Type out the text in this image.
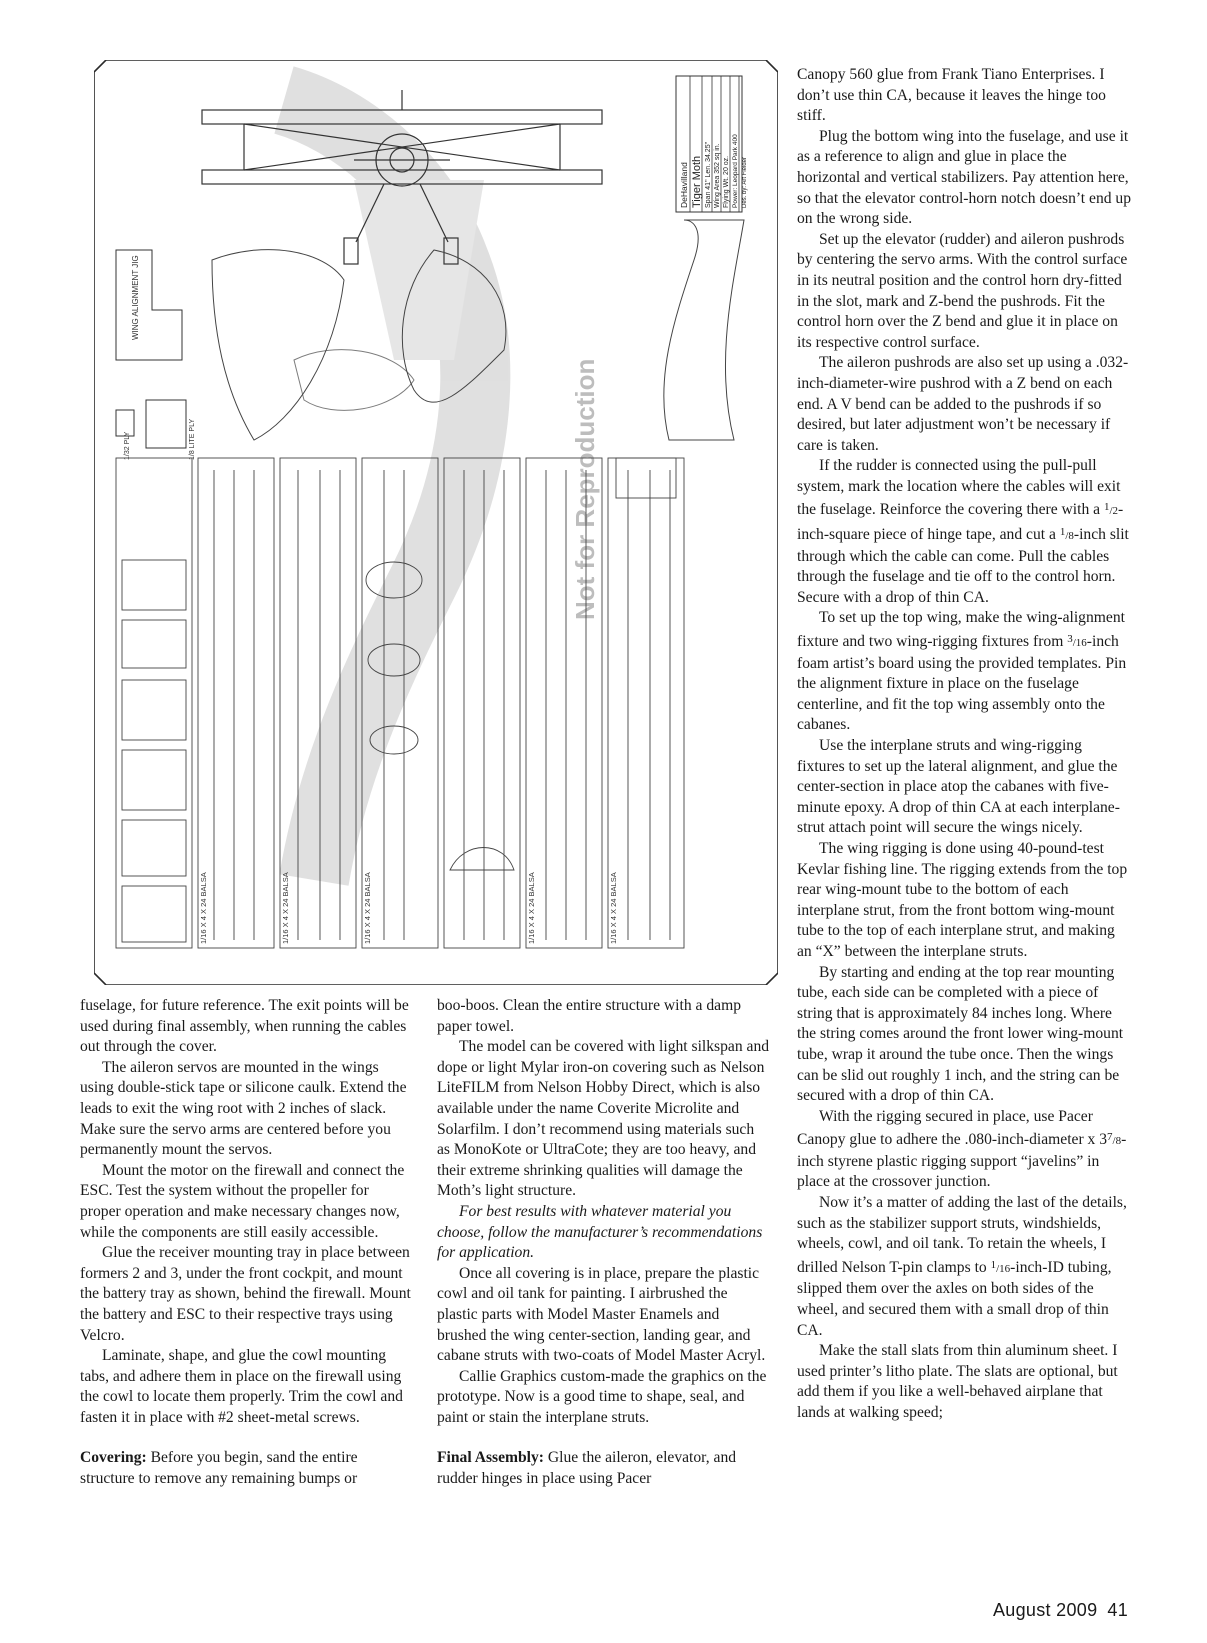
Not for Reproduction
DeHavilland Tiger Moth Span 41" Len. 34.25" Wing Area 352 sq in. Flying Wt. 20 oz. Power: Leopard Park 400 Des. by: Art Fielder
WING ALIGNMENT JIG
1/32 PLY	1/8 LITE PLY
1/16 X 4 X 24 BALSA	1/16 X 4 X 24 BALSA	1/16 X 4 X 24 BALSA	1/16 X 4 X 24 BALSA	1/16 X 4 X 24 BALSA

fuselage, for future reference. The exit points will be used during final assembly, when running the cables out through the cover.

The aileron servos are mounted in the wings using double-stick tape or silicone caulk. Extend the leads to exit the wing root with 2 inches of slack. Make sure the servo arms are centered before you permanently mount the servos.

Mount the motor on the firewall and connect the ESC. Test the system without the propeller for proper operation and make necessary changes now, while the components are still easily accessible.

Glue the receiver mounting tray in place between formers 2 and 3, under the front cockpit, and mount the battery tray as shown, behind the firewall. Mount the battery and ESC to their respective trays using Velcro.

Laminate, shape, and glue the cowl mounting tabs, and adhere them in place on the firewall using the cowl to locate them properly. Trim the cowl and fasten it in place with #2 sheet-metal screws.

Covering: Before you begin, sand the entire structure to remove any remaining bumps or

boo-boos. Clean the entire structure with a damp paper towel.

The model can be covered with light silkspan and dope or light Mylar iron-on covering such as Nelson LiteFILM from Nelson Hobby Direct, which is also available under the name Coverite Microlite and Solarfilm. I don’t recommend using materials such as MonoKote or UltraCote; they are too heavy, and their extreme shrinking qualities will damage the Moth’s light structure.

For best results with whatever material you choose, follow the manufacturer’s recommendations for application.

Once all covering is in place, prepare the plastic cowl and oil tank for painting. I airbrushed the plastic parts with Model Master Enamels and brushed the wing center-section, landing gear, and cabane struts with two-coats of Model Master Acryl.

Callie Graphics custom-made the graphics on the prototype. Now is a good time to shape, seal, and paint or stain the interplane struts.

Final Assembly: Glue the aileron, elevator, and rudder hinges in place using Pacer

Canopy 560 glue from Frank Tiano Enterprises. I don’t use thin CA, because it leaves the hinge too stiff.

Plug the bottom wing into the fuselage, and use it as a reference to align and glue in place the horizontal and vertical stabilizers. Pay attention here, so that the elevator control-horn notch doesn’t end up on the wrong side.

Set up the elevator (rudder) and aileron pushrods by centering the servo arms. With the control surface in its neutral position and the control horn dry-fitted in the slot, mark and Z-bend the pushrods. Fit the control horn over the Z bend and glue it in place on its respective control surface.

The aileron pushrods are also set up using a .032-inch-diameter-wire pushrod with a Z bend on each end. A V bend can be added to the pushrods if so desired, but later adjustment won’t be necessary if care is taken.

If the rudder is connected using the pull-pull system, mark the location where the cables will exit the fuselage. Reinforce the covering there with a $^1$/2-inch-square piece of hinge tape, and cut a $^1$/8-inch slit through which the cable can come. Pull the cables through the fuselage and tie off to the control horn. Secure with a drop of thin CA.

To set up the top wing, make the wing-alignment fixture and two wing-rigging fixtures from $^3$/16-inch foam artist’s board using the provided templates. Pin the alignment fixture in place on the fuselage centerline, and fit the top wing assembly onto the cabanes.

Use the interplane struts and wing-rigging fixtures to set up the lateral alignment, and glue the center-section in place atop the cabanes with five-minute epoxy. A drop of thin CA at each interplane-strut attach point will secure the wings nicely.

The wing rigging is done using 40-pound-test Kevlar fishing line. The rigging extends from the top rear wing-mount tube to the bottom of each interplane strut, from the front bottom wing-mount tube to the top of each interplane strut, and making an “X” between the interplane struts.

By starting and ending at the top rear mounting tube, each side can be completed with a piece of string that is approximately 84 inches long. Where the string comes around the front lower wing-mount tube, wrap it around the tube once. Then the wings can be slid out roughly 1 inch, and the string can be secured with a drop of thin CA.

With the rigging secured in place, use Pacer Canopy glue to adhere the .080-inch-diameter x $3^7/8$-inch styrene plastic rigging support “javelins” in place at the crossover junction.

Now it’s a matter of adding the last of the details, such as the stabilizer support struts, windshields, wheels, cowl, and oil tank. To retain the wheels, I drilled Nelson T-pin clamps to $^1$/16-inch-ID tubing, slipped them over the axles on both sides of the wheel, and secured them with a small drop of thin CA.

Make the stall slats from thin aluminum sheet. I used printer’s litho plate. The slats are optional, but add them if you like a well-behaved airplane that lands at walking speed;

August 2009 41
